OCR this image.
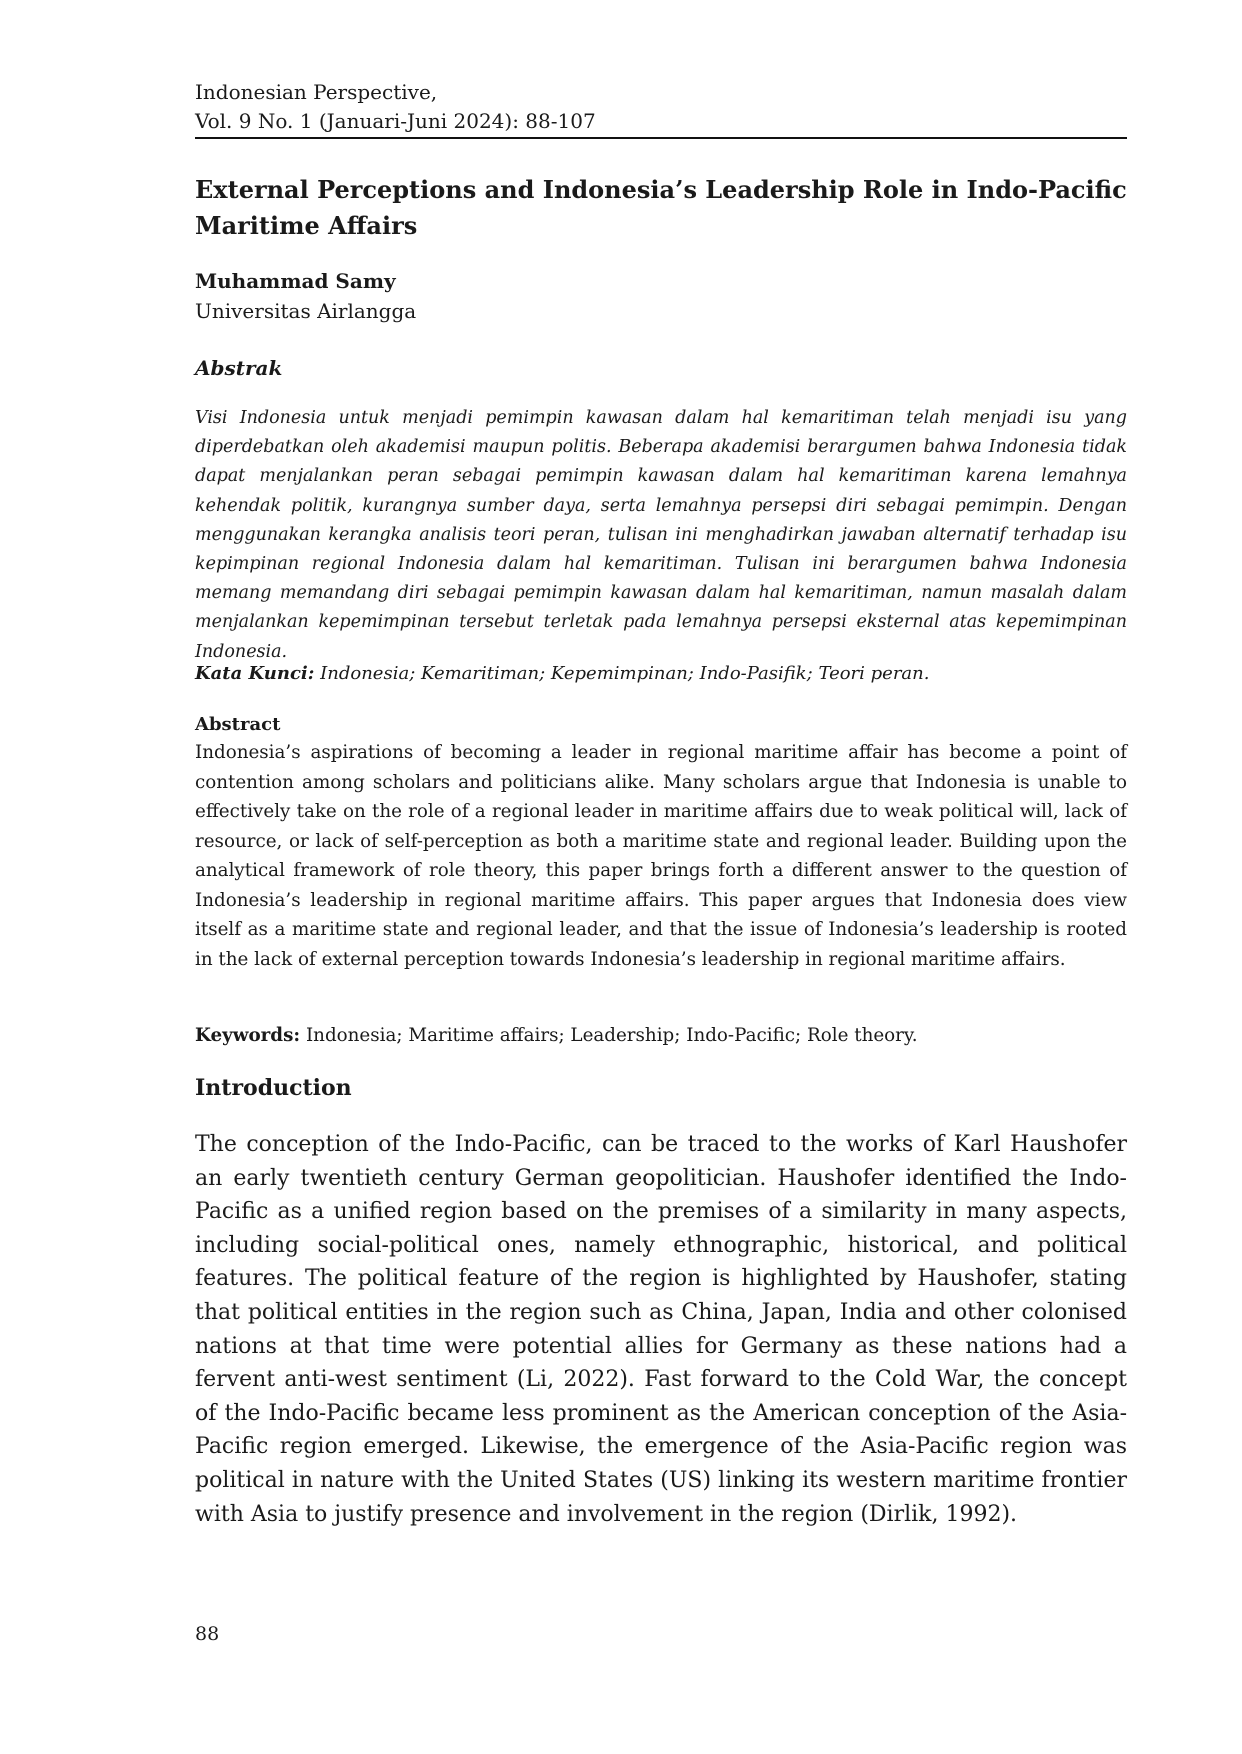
Indonesian Perspective,
Vol. 9 No. 1 (Januari-Juni 2024): 88-107
External Perceptions and Indonesia’s Leadership Role in Indo-Pacific Maritime Affairs
Muhammad Samy
Universitas Airlangga
Abstrak

Visi Indonesia untuk menjadi pemimpin kawasan dalam hal kemaritiman telah menjadi isu yang diperdebatkan oleh akademisi maupun politis. Beberapa akademisi berargumen bahwa Indonesia tidak dapat menjalankan peran sebagai pemimpin kawasan dalam hal kemaritiman karena lemahnya kehendak politik, kurangnya sumber daya, serta lemahnya persepsi diri sebagai pemimpin. Dengan menggunakan kerangka analisis teori peran, tulisan ini menghadirkan jawaban alternatif terhadap isu kepimpinan regional Indonesia dalam hal kemaritiman. Tulisan ini berargumen bahwa Indonesia memang memandang diri sebagai pemimpin kawasan dalam hal kemaritiman, namun masalah dalam menjalankan kepemimpinan tersebut terletak pada lemahnya persepsi eksternal atas kepemimpinan Indonesia.

Kata Kunci: Indonesia; Kemaritiman; Kepemimpinan; Indo-Pasifik; Teori peran.

Abstract

Indonesia’s aspirations of becoming a leader in regional maritime affair has become a point of contention among scholars and politicians alike. Many scholars argue that Indonesia is unable to effectively take on the role of a regional leader in maritime affairs due to weak political will, lack of resource, or lack of self-perception as both a maritime state and regional leader. Building upon the analytical framework of role theory, this paper brings forth a different answer to the question of Indonesia’s leadership in regional maritime affairs. This paper argues that Indonesia does view itself as a maritime state and regional leader, and that the issue of Indonesia’s leadership is rooted in the lack of external perception towards Indonesia’s leadership in regional maritime affairs.

Keywords: Indonesia; Maritime affairs; Leadership; Indo-Pacific; Role theory.

Introduction

The conception of the Indo-Pacific, can be traced to the works of Karl Haushofer an early twentieth century German geopolitician. Haushofer identified the Indo-Pacific as a unified region based on the premises of a similarity in many aspects, including social-political ones, namely ethnographic, historical, and political features. The political feature of the region is highlighted by Haushofer, stating that political entities in the region such as China, Japan, India and other colonised nations at that time were potential allies for Germany as these nations had a fervent anti-west sentiment (Li, 2022). Fast forward to the Cold War, the concept of the Indo-Pacific became less prominent as the American conception of the Asia-Pacific region emerged. Likewise, the emergence of the Asia-Pacific region was political in nature with the United States (US) linking its western maritime frontier with Asia to justify presence and involvement in the region (Dirlik, 1992).

88
